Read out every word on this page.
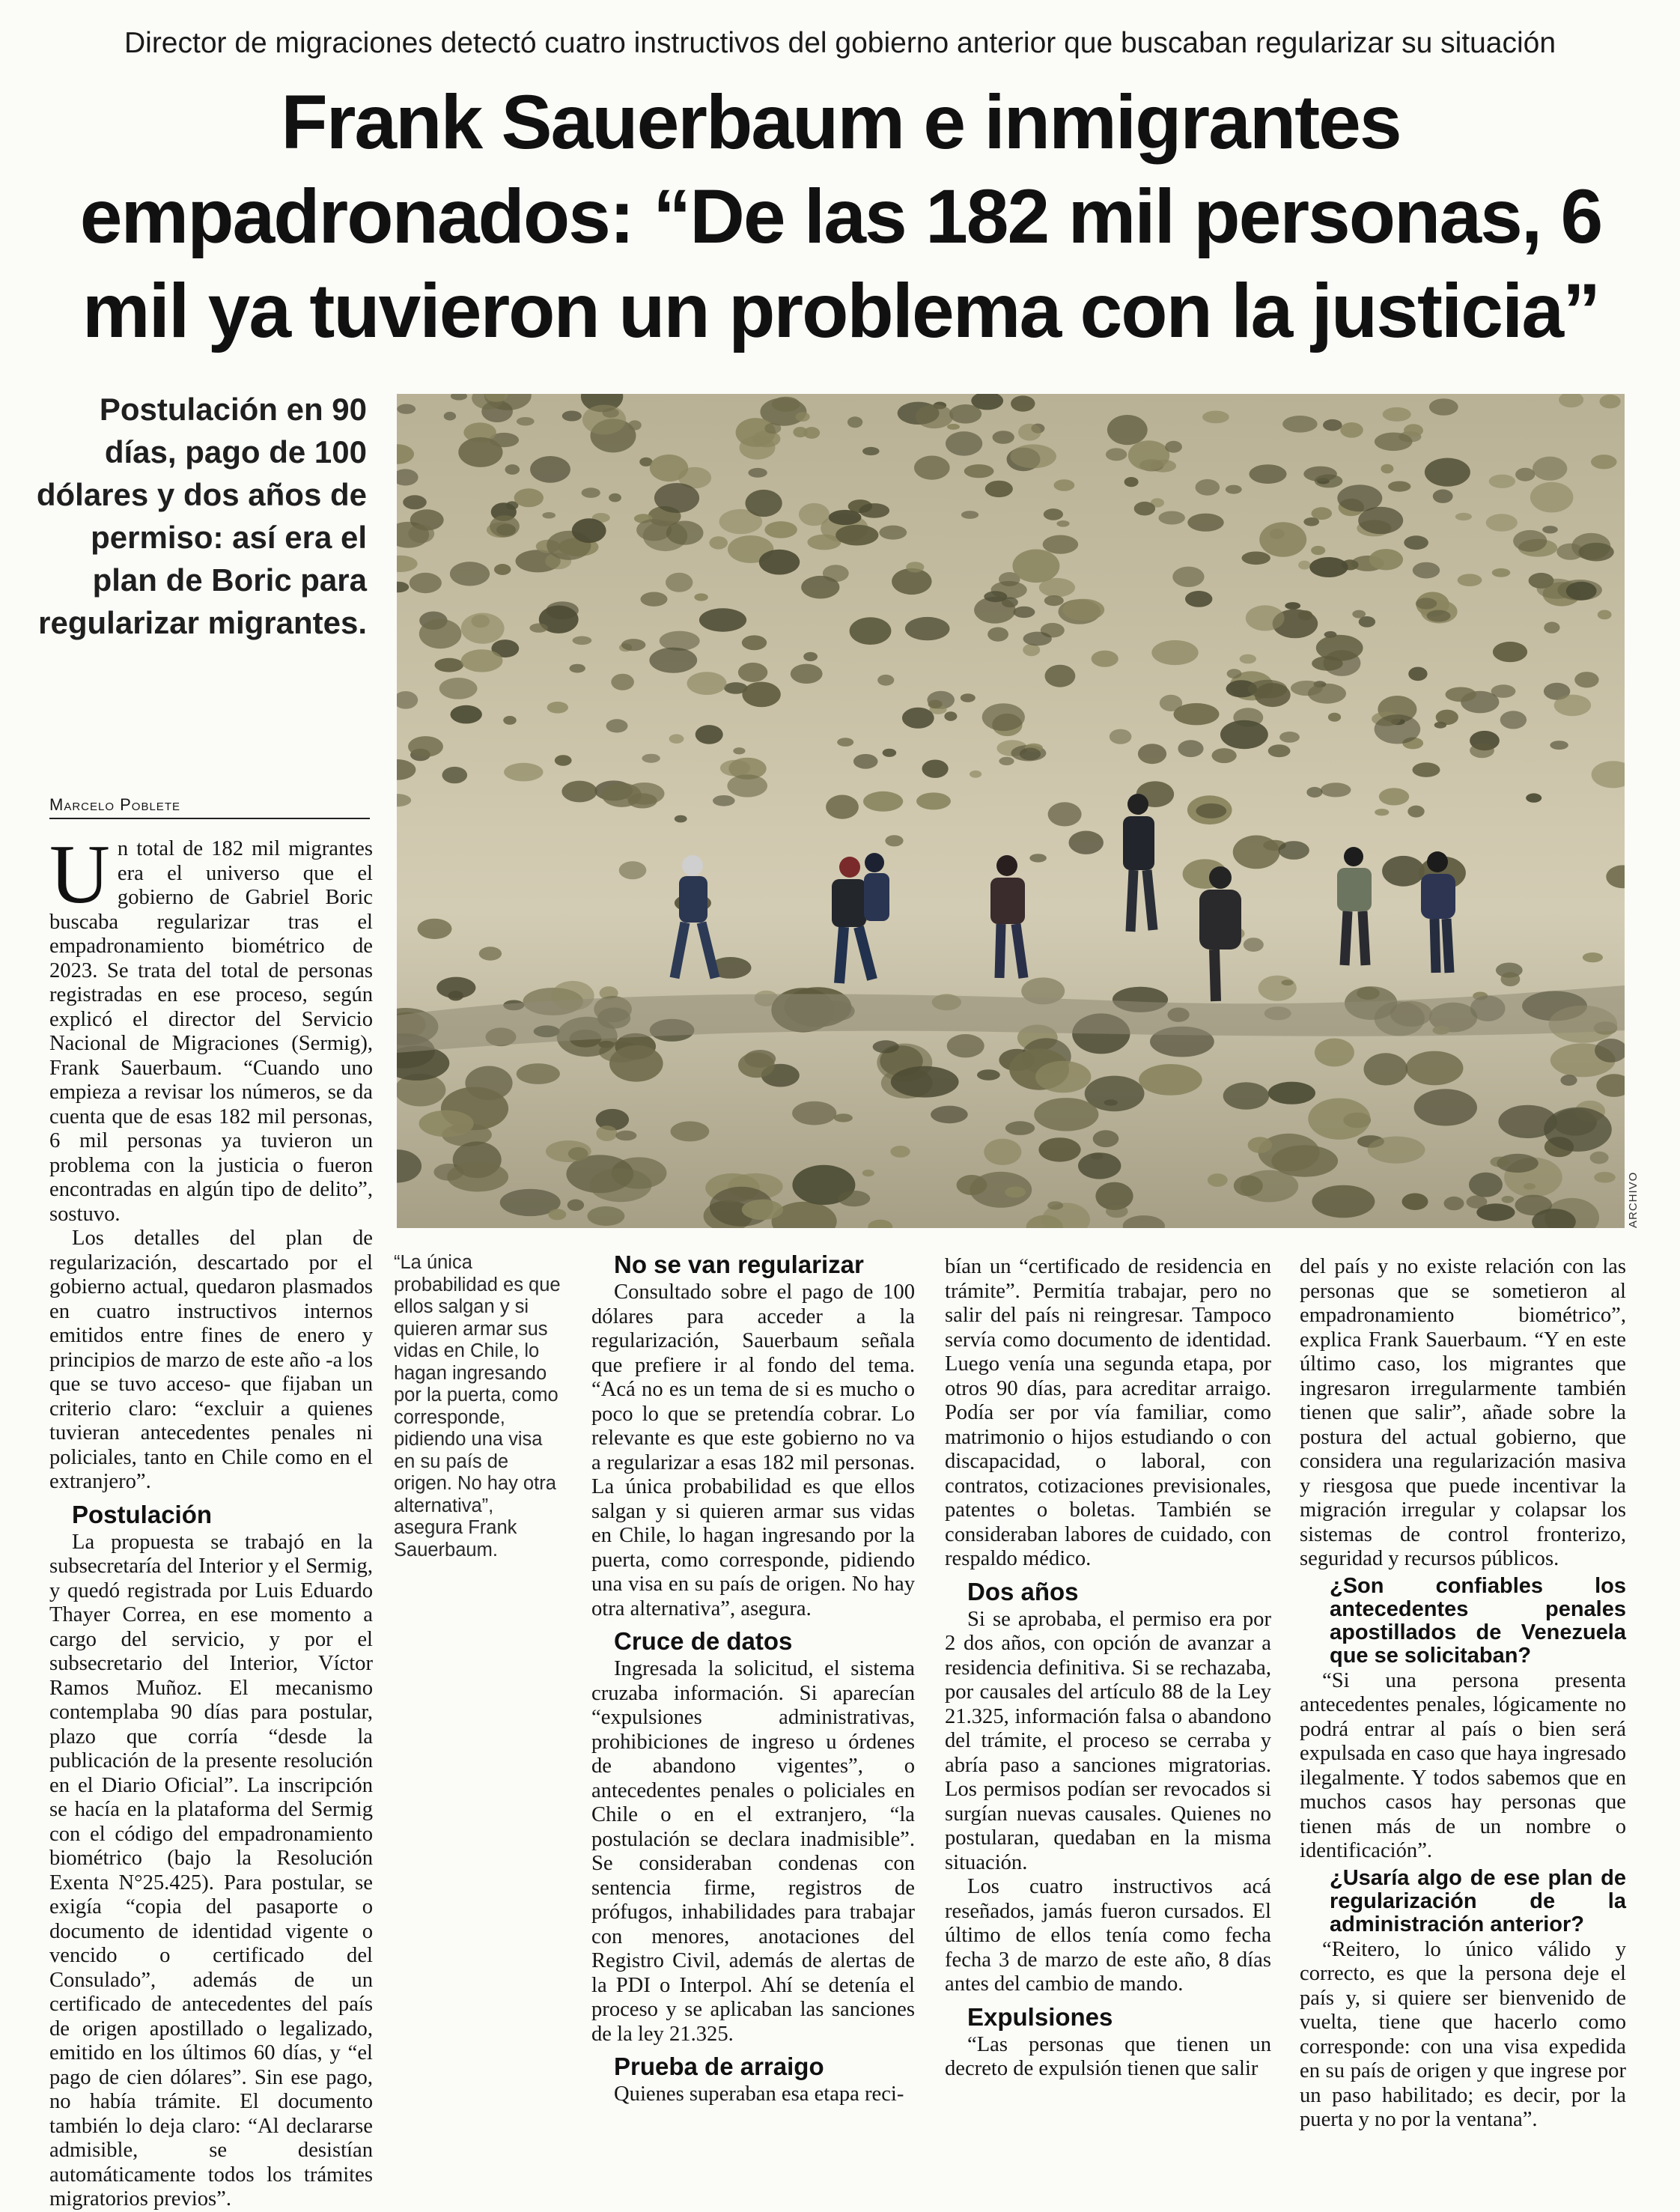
Director de migraciones detectó cuatro instructivos del gobierno anterior que buscaban regularizar su situación
Frank Sauerbaum e inmigrantes empadronados: “De las 182 mil personas, 6 mil ya tuvieron un problema con la justicia”
Postulación en 90 días, pago de 100 dólares y dos años de permiso: así era el plan de Boric para regularizar migrantes.
ARCHIVO
Marcelo Poblete

Un total de 182 mil migrantes era el universo que el gobierno de Gabriel Boric buscaba regularizar tras el empadronamiento biométrico de 2023. Se trata del total de personas registradas en ese proceso, según explicó el director del Servicio Nacional de Migraciones (Sermig), Frank Sauerbaum. “Cuando uno empieza a revisar los números, se da cuenta que de esas 182 mil personas, 6 mil personas ya tuvieron un problema con la justicia o fueron encontradas en algún tipo de delito”, sostuvo.

Los detalles del plan de regularización, descartado por el gobierno actual, quedaron plasmados en cuatro instructivos internos emitidos entre fines de enero y principios de marzo de este año -a los que se tuvo acceso- que fijaban un criterio claro: “excluir a quienes tuvieran antecedentes penales ni policiales, tanto en Chile como en el extranjero”.

Postulación

La propuesta se trabajó en la subsecretaría del Interior y el Sermig, y quedó registrada por Luis Eduardo Thayer Correa, en ese momento a cargo del servicio, y por el subsecretario del Interior, Víctor Ramos Muñoz. El mecanismo contemplaba 90 días para postular, plazo que corría “desde la publicación de la presente resolución en el Diario Oficial”. La inscripción se hacía en la plataforma del Sermig con el código del empadronamiento biométrico (bajo la Resolución Exenta N°25.425). Para postular, se exigía “copia del pasaporte o documento de identidad vigente o vencido o certificado del Consulado”, además de un certificado de antecedentes del país de origen apostillado o legalizado, emitido en los últimos 60 días, y “el pago de cien dólares”. Sin ese pago, no había trámite. El documento también lo deja claro: “Al declararse admisible, se desistían automáticamente todos los trámites migratorios previos”.

“La única probabilidad es que ellos salgan y si quieren armar sus vidas en Chile, lo hagan ingresando por la puerta, como corresponde, pidiendo una visa en su país de origen. No hay otra alternativa”, asegura Frank Sauerbaum.
No se van regularizar

Consultado sobre el pago de 100 dólares para acceder a la regularización, Sauerbaum señala que prefiere ir al fondo del tema. “Acá no es un tema de si es mucho o poco lo que se pretendía cobrar. Lo relevante es que este gobierno no va a regularizar a esas 182 mil personas. La única probabilidad es que ellos salgan y si quieren armar sus vidas en Chile, lo hagan ingresando por la puerta, como corresponde, pidiendo una visa en su país de origen. No hay otra alternativa”, asegura.

Cruce de datos

Ingresada la solicitud, el sistema cruzaba información. Si aparecían “expulsiones administrativas, prohibiciones de ingreso u órdenes de abandono vigentes”, o antecedentes penales o policiales en Chile o en el extranjero, “la postulación se declara inadmisible”. Se consideraban condenas con sentencia firme, registros de prófugos, inhabilidades para trabajar con menores, anotaciones del Registro Civil, además de alertas de la PDI o Interpol. Ahí se detenía el proceso y se aplicaban las sanciones de la ley 21.325.

Prueba de arraigo

Quienes superaban esa etapa reci-

bían un “certificado de residencia en trámite”. Permitía trabajar, pero no salir del país ni reingresar. Tampoco servía como documento de identidad. Luego venía una segunda etapa, por otros 90 días, para acreditar arraigo. Podía ser por vía familiar, como matrimonio o hijos estudiando o con discapacidad, o laboral, con contratos, cotizaciones previsionales, patentes o boletas. También se consideraban labores de cuidado, con respaldo médico.

Dos años

Si se aprobaba, el permiso era por 2 dos años, con opción de avanzar a residencia definitiva. Si se rechazaba, por causales del artículo 88 de la Ley 21.325, información falsa o abandono del trámite, el proceso se cerraba y abría paso a sanciones migratorias. Los permisos podían ser revocados si surgían nuevas causales. Quienes no postularan, quedaban en la misma situación.

Los cuatro instructivos acá reseñados, jamás fueron cursados. El último de ellos tenía como fecha fecha 3 de marzo de este año, 8 días antes del cambio de mando.

Expulsiones

“Las personas que tienen un decreto de expulsión tienen que salir

del país y no existe relación con las personas que se sometieron al empadronamiento biométrico”, explica Frank Sauerbaum. “Y en este último caso, los migrantes que ingresaron irregularmente también tienen que salir”, añade sobre la postura del actual gobierno, que considera una regularización masiva y riesgosa que puede incentivar la migración irregular y colapsar los sistemas de control fronterizo, seguridad y recursos públicos.

¿Son confiables los antecedentes penales apostillados de Venezuela que se solicitaban?

“Si una persona presenta antecedentes penales, lógicamente no podrá entrar al país o bien será expulsada en caso que haya ingresado ilegalmente. Y todos sabemos que en muchos casos hay personas que tienen más de un nombre o identificación”.

¿Usaría algo de ese plan de regularización de la administración anterior?

“Reitero, lo único válido y correcto, es que la persona deje el país y, si quiere ser bienvenido de vuelta, tiene que hacerlo como corresponde: con una visa expedida en su país de origen y que ingrese por un paso habilitado; es decir, por la puerta y no por la ventana”.
